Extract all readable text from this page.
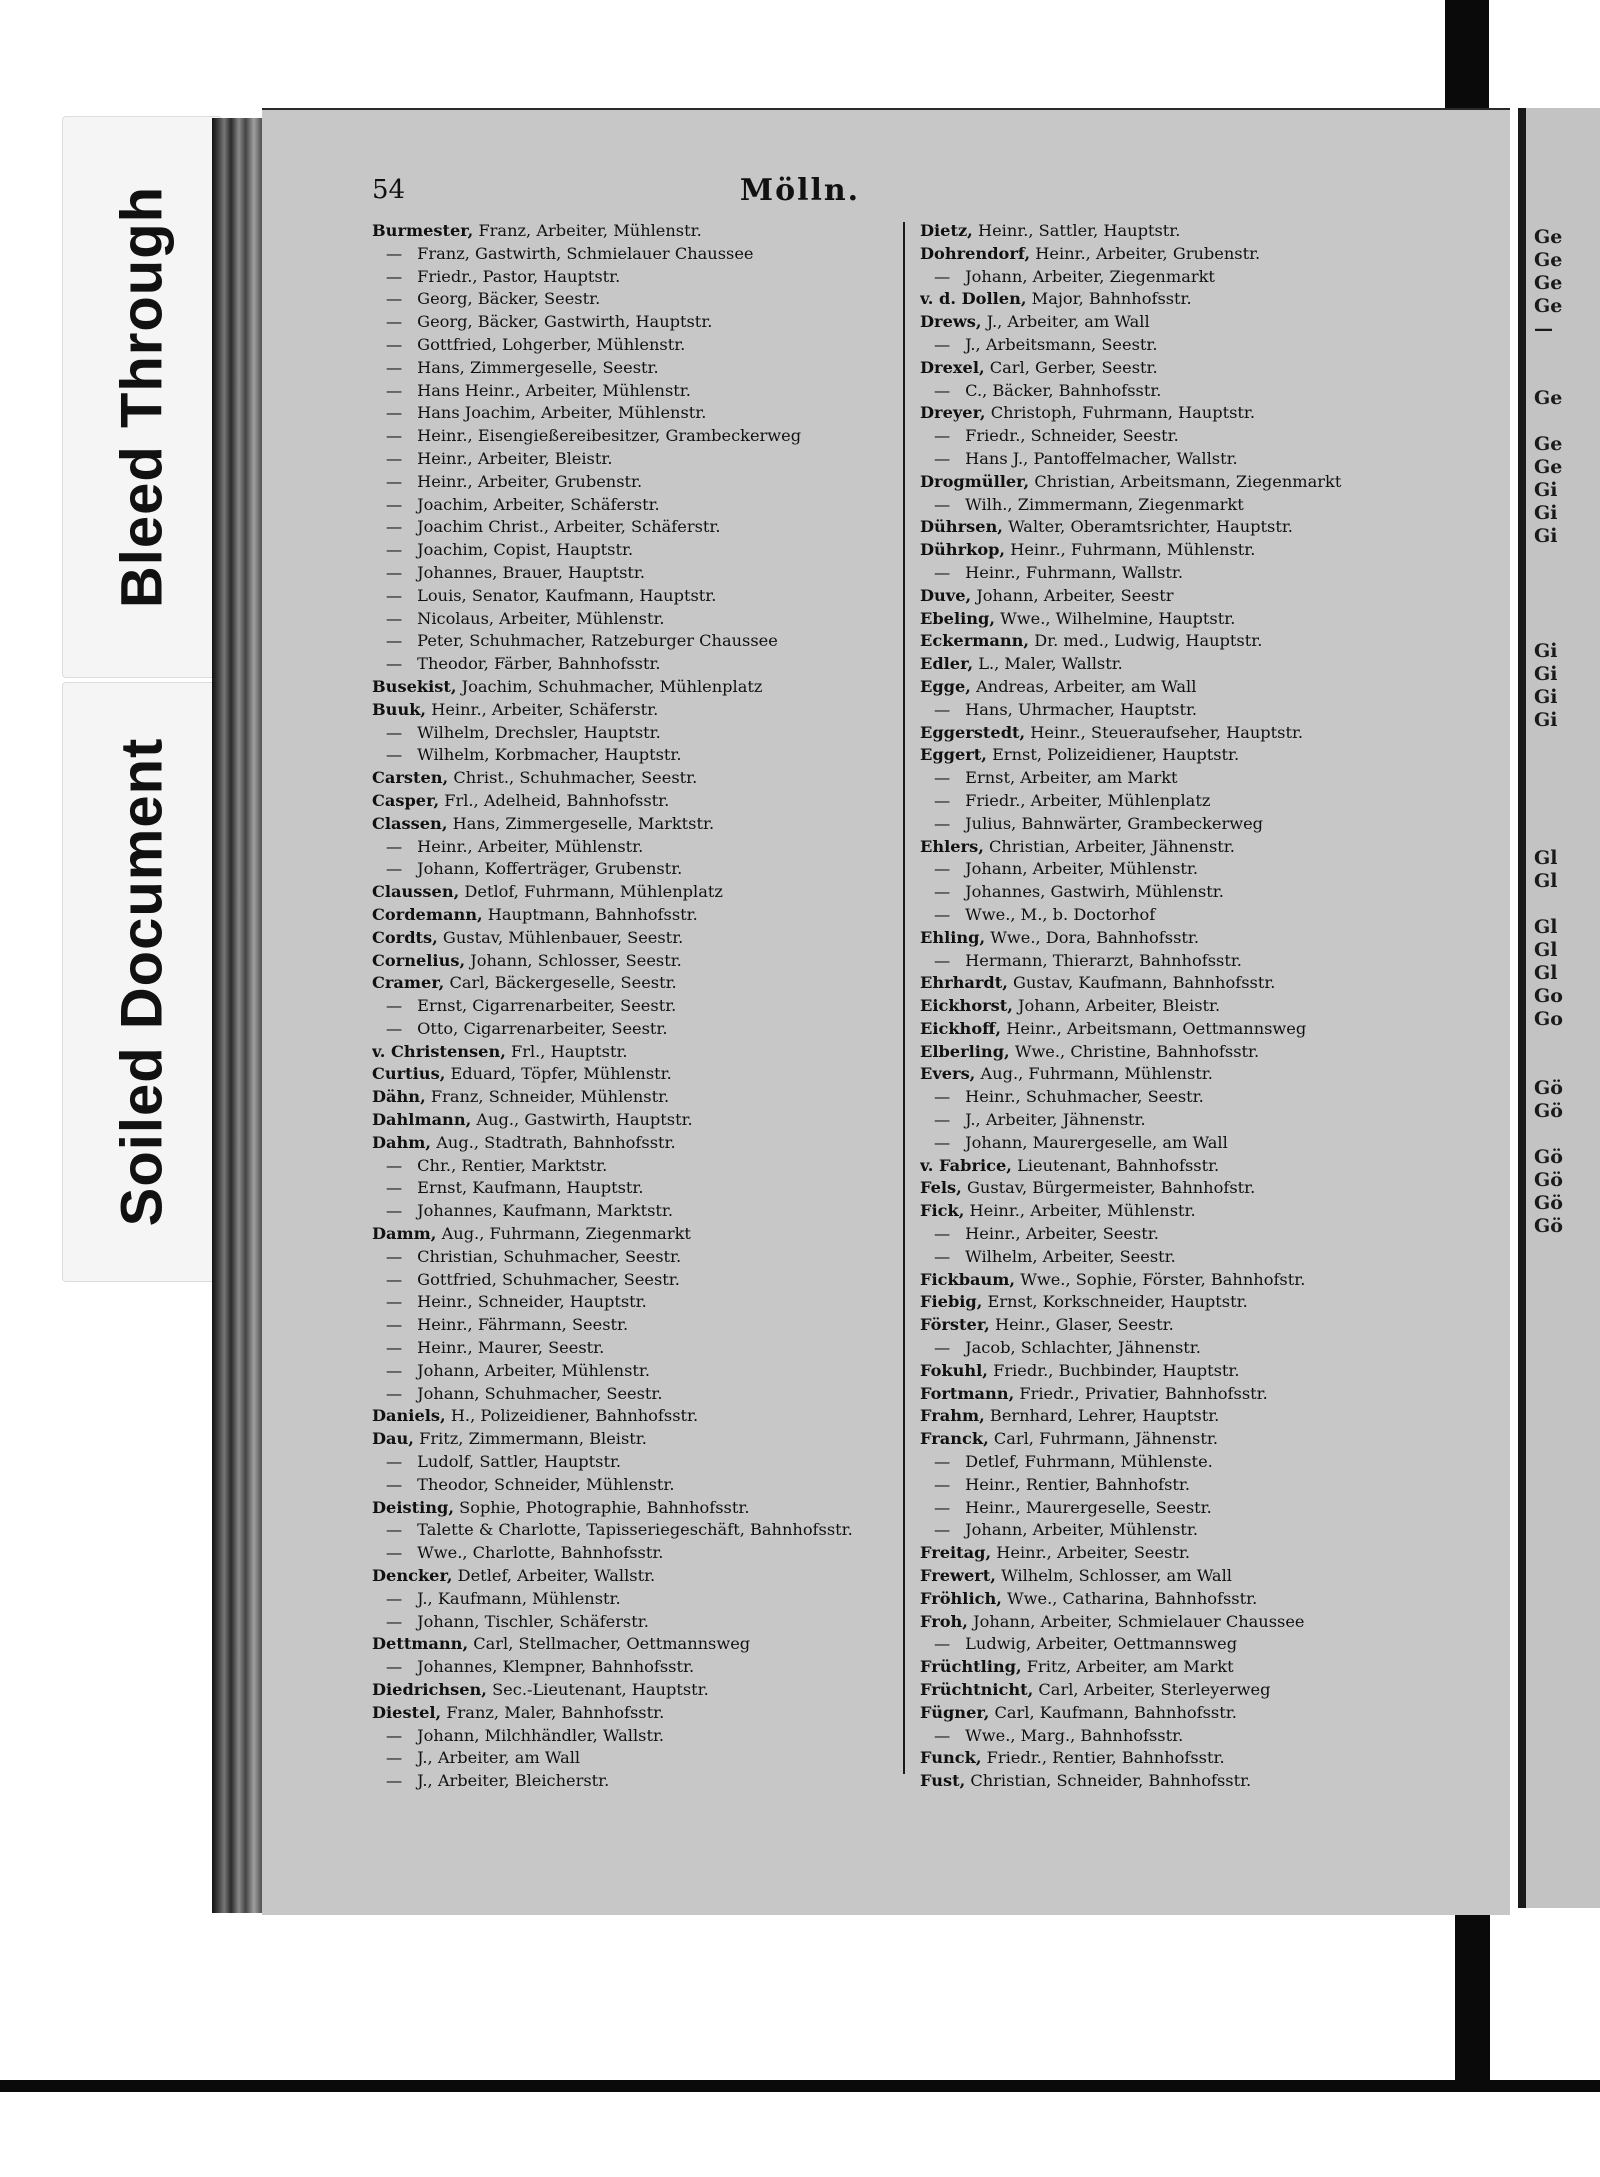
Bleed Through
Soiled Document
Ge
Ge
Ge
Ge
—
Ge
Ge
Ge
Gi
Gi
Gi
Gi
Gi
Gi
Gi
Gl
Gl
Gl
Gl
Gl
Go
Go
Gö
Gö
Gö
Gö
Gö
Gö
54	Mölln.
Burmester, Franz, Arbeiter, Mühlenstr.
— Franz, Gastwirth, Schmielauer Chaussee
— Friedr., Pastor, Hauptstr.
— Georg, Bäcker, Seestr.
— Georg, Bäcker, Gastwirth, Hauptstr.
— Gottfried, Lohgerber, Mühlenstr.
— Hans, Zimmergeselle, Seestr.
— Hans Heinr., Arbeiter, Mühlenstr.
— Hans Joachim, Arbeiter, Mühlenstr.
— Heinr., Eisengießereibesitzer, Grambeckerweg
— Heinr., Arbeiter, Bleistr.
— Heinr., Arbeiter, Grubenstr.
— Joachim, Arbeiter, Schäferstr.
— Joachim Christ., Arbeiter, Schäferstr.
— Joachim, Copist, Hauptstr.
— Johannes, Brauer, Hauptstr.
— Louis, Senator, Kaufmann, Hauptstr.
— Nicolaus, Arbeiter, Mühlenstr.
— Peter, Schuhmacher, Ratzeburger Chaussee
— Theodor, Färber, Bahnhofsstr.
Busekist, Joachim, Schuhmacher, Mühlenplatz
Buuk, Heinr., Arbeiter, Schäferstr.
— Wilhelm, Drechsler, Hauptstr.
— Wilhelm, Korbmacher, Hauptstr.
Carsten, Christ., Schuhmacher, Seestr.
Casper, Frl., Adelheid, Bahnhofsstr.
Classen, Hans, Zimmergeselle, Marktstr.
— Heinr., Arbeiter, Mühlenstr.
— Johann, Kofferträger, Grubenstr.
Claussen, Detlof, Fuhrmann, Mühlenplatz
Cordemann, Hauptmann, Bahnhofsstr.
Cordts, Gustav, Mühlenbauer, Seestr.
Cornelius, Johann, Schlosser, Seestr.
Cramer, Carl, Bäckergeselle, Seestr.
— Ernst, Cigarrenarbeiter, Seestr.
— Otto, Cigarrenarbeiter, Seestr.
v. Christensen, Frl., Hauptstr.
Curtius, Eduard, Töpfer, Mühlenstr.
Dähn, Franz, Schneider, Mühlenstr.
Dahlmann, Aug., Gastwirth, Hauptstr.
Dahm, Aug., Stadtrath, Bahnhofsstr.
— Chr., Rentier, Marktstr.
— Ernst, Kaufmann, Hauptstr.
— Johannes, Kaufmann, Marktstr.
Damm, Aug., Fuhrmann, Ziegenmarkt
— Christian, Schuhmacher, Seestr.
— Gottfried, Schuhmacher, Seestr.
— Heinr., Schneider, Hauptstr.
— Heinr., Fährmann, Seestr.
— Heinr., Maurer, Seestr.
— Johann, Arbeiter, Mühlenstr.
— Johann, Schuhmacher, Seestr.
Daniels, H., Polizeidiener, Bahnhofsstr.
Dau, Fritz, Zimmermann, Bleistr.
— Ludolf, Sattler, Hauptstr.
— Theodor, Schneider, Mühlenstr.
Deisting, Sophie, Photographie, Bahnhofsstr.
— Talette & Charlotte, Tapisseriegeschäft, Bahnhofsstr.
— Wwe., Charlotte, Bahnhofsstr.
Dencker, Detlef, Arbeiter, Wallstr.
— J., Kaufmann, Mühlenstr.
— Johann, Tischler, Schäferstr.
Dettmann, Carl, Stellmacher, Oettmannsweg
— Johannes, Klempner, Bahnhofsstr.
Diedrichsen, Sec.-Lieutenant, Hauptstr.
Diestel, Franz, Maler, Bahnhofsstr.
— Johann, Milchhändler, Wallstr.
— J., Arbeiter, am Wall
— J., Arbeiter, Bleicherstr.
Dietz, Heinr., Sattler, Hauptstr.
Dohrendorf, Heinr., Arbeiter, Grubenstr.
— Johann, Arbeiter, Ziegenmarkt
v. d. Dollen, Major, Bahnhofsstr.
Drews, J., Arbeiter, am Wall
— J., Arbeitsmann, Seestr.
Drexel, Carl, Gerber, Seestr.
— C., Bäcker, Bahnhofsstr.
Dreyer, Christoph, Fuhrmann, Hauptstr.
— Friedr., Schneider, Seestr.
— Hans J., Pantoffelmacher, Wallstr.
Drogmüller, Christian, Arbeitsmann, Ziegenmarkt
— Wilh., Zimmermann, Ziegenmarkt
Dührsen, Walter, Oberamtsrichter, Hauptstr.
Dührkop, Heinr., Fuhrmann, Mühlenstr.
— Heinr., Fuhrmann, Wallstr.
Duve, Johann, Arbeiter, Seestr
Ebeling, Wwe., Wilhelmine, Hauptstr.
Eckermann, Dr. med., Ludwig, Hauptstr.
Edler, L., Maler, Wallstr.
Egge, Andreas, Arbeiter, am Wall
— Hans, Uhrmacher, Hauptstr.
Eggerstedt, Heinr., Steueraufseher, Hauptstr.
Eggert, Ernst, Polizeidiener, Hauptstr.
— Ernst, Arbeiter, am Markt
— Friedr., Arbeiter, Mühlenplatz
— Julius, Bahnwärter, Grambeckerweg
Ehlers, Christian, Arbeiter, Jähnenstr.
— Johann, Arbeiter, Mühlenstr.
— Johannes, Gastwirh, Mühlenstr.
— Wwe., M., b. Doctorhof
Ehling, Wwe., Dora, Bahnhofsstr.
— Hermann, Thierarzt, Bahnhofsstr.
Ehrhardt, Gustav, Kaufmann, Bahnhofsstr.
Eickhorst, Johann, Arbeiter, Bleistr.
Eickhoff, Heinr., Arbeitsmann, Oettmannsweg
Elberling, Wwe., Christine, Bahnhofsstr.
Evers, Aug., Fuhrmann, Mühlenstr.
— Heinr., Schuhmacher, Seestr.
— J., Arbeiter, Jähnenstr.
— Johann, Maurergeselle, am Wall
v. Fabrice, Lieutenant, Bahnhofsstr.
Fels, Gustav, Bürgermeister, Bahnhofstr.
Fick, Heinr., Arbeiter, Mühlenstr.
— Heinr., Arbeiter, Seestr.
— Wilhelm, Arbeiter, Seestr.
Fickbaum, Wwe., Sophie, Förster, Bahnhofstr.
Fiebig, Ernst, Korkschneider, Hauptstr.
Förster, Heinr., Glaser, Seestr.
— Jacob, Schlachter, Jähnenstr.
Fokuhl, Friedr., Buchbinder, Hauptstr.
Fortmann, Friedr., Privatier, Bahnhofsstr.
Frahm, Bernhard, Lehrer, Hauptstr.
Franck, Carl, Fuhrmann, Jähnenstr.
— Detlef, Fuhrmann, Mühlenste.
— Heinr., Rentier, Bahnhofstr.
— Heinr., Maurergeselle, Seestr.
— Johann, Arbeiter, Mühlenstr.
Freitag, Heinr., Arbeiter, Seestr.
Frewert, Wilhelm, Schlosser, am Wall
Fröhlich, Wwe., Catharina, Bahnhofsstr.
Froh, Johann, Arbeiter, Schmielauer Chaussee
— Ludwig, Arbeiter, Oettmannsweg
Früchtling, Fritz, Arbeiter, am Markt
Früchtnicht, Carl, Arbeiter, Sterleyerweg
Fügner, Carl, Kaufmann, Bahnhofsstr.
— Wwe., Marg., Bahnhofsstr.
Funck, Friedr., Rentier, Bahnhofsstr.
Fust, Christian, Schneider, Bahnhofsstr.
